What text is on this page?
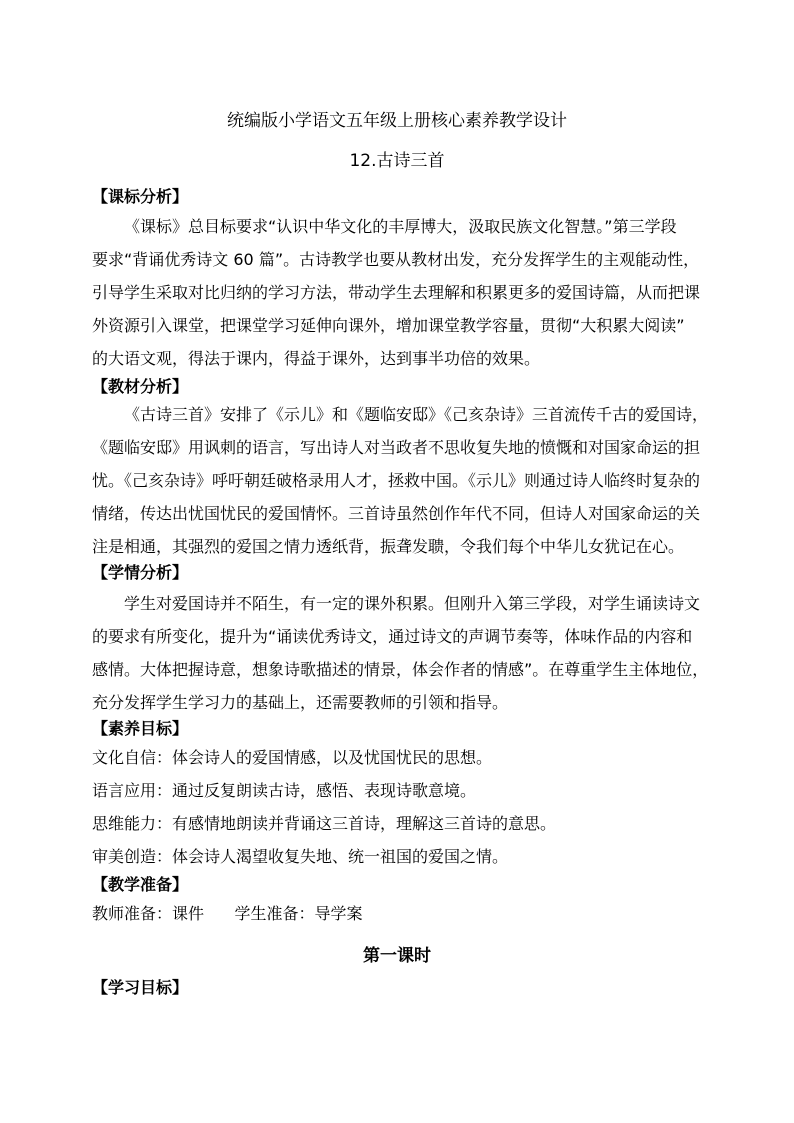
统编版小学语文五年级上册核心素养教学设计
12.古诗三首
【课标分析】
《课标》总目标要求“认识中华文化的丰厚博大，汲取民族文化智慧。”第三学段
要求“背诵优秀诗文 60 篇”。古诗教学也要从教材出发，充分发挥学生的主观能动性，
引导学生采取对比归纳的学习方法，带动学生去理解和积累更多的爱国诗篇，从而把课
外资源引入课堂，把课堂学习延伸向课外，增加课堂教学容量，贯彻“大积累大阅读”
的大语文观，得法于课内，得益于课外，达到事半功倍的效果。
【教材分析】
《古诗三首》安排了《示儿》和《题临安邸》《己亥杂诗》三首流传千古的爱国诗，
《题临安邸》用讽刺的语言，写出诗人对当政者不思收复失地的愤慨和对国家命运的担
忧。《己亥杂诗》呼吁朝廷破格录用人才，拯救中国。《示儿》则通过诗人临终时复杂的
情绪，传达出忧国忧民的爱国情怀。三首诗虽然创作年代不同，但诗人对国家命运的关
注是相通，其强烈的爱国之情力透纸背，振聋发聩，令我们每个中华儿女犹记在心。
【学情分析】
学生对爱国诗并不陌生，有一定的课外积累。但刚升入第三学段，对学生诵读诗文
的要求有所变化，提升为“诵读优秀诗文，通过诗文的声调节奏等，体味作品的内容和
感情。大体把握诗意，想象诗歌描述的情景，体会作者的情感”。在尊重学生主体地位，
充分发挥学生学习力的基础上，还需要教师的引领和指导。
【素养目标】
文化自信：体会诗人的爱国情感，以及忧国忧民的思想。
语言应用：通过反复朗读古诗，感悟、表现诗歌意境。
思维能力：有感情地朗读并背诵这三首诗，理解这三首诗的意思。
审美创造：体会诗人渴望收复失地、统一祖国的爱国之情。
【教学准备】
教师准备：课件      学生准备：导学案
第一课时
【学习目标】
